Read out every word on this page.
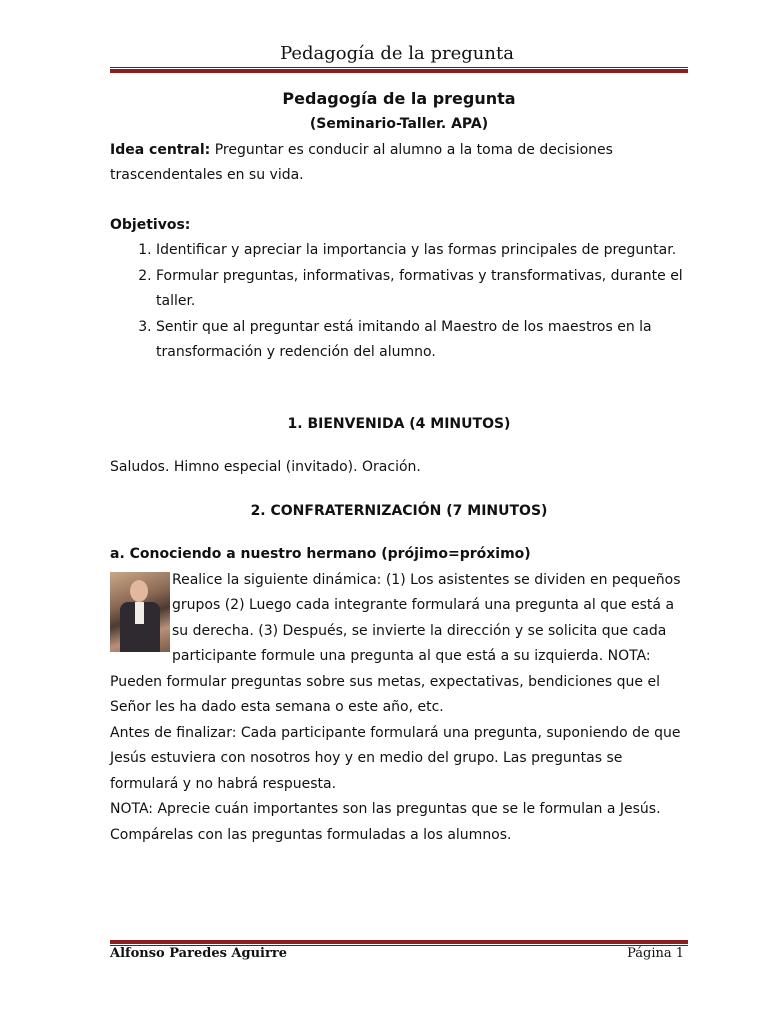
Pedagogía de la pregunta
Pedagogía de la pregunta
(Seminario-Taller. APA)

Idea central: Preguntar es conducir al alumno a la toma de decisiones trascendentales en su vida.

Objetivos:

1. Identificar y apreciar la importancia y las formas principales de preguntar.
2. Formular preguntas, informativas, formativas y transformativas, durante el taller.
3. Sentir que al preguntar está imitando al Maestro de los maestros en la transformación y redención del alumno.

1. BIENVENIDA (4 MINUTOS)

Saludos. Himno especial (invitado). Oración.

2. CONFRATERNIZACIÓN (7 MINUTOS)

a. Conociendo a nuestro hermano (prójimo=próximo)

Realice la siguiente dinámica: (1) Los asistentes se dividen en pequeños grupos (2) Luego cada integrante formulará una pregunta al que está a su derecha. (3) Después, se invierte la dirección y se solicita que cada participante formule una pregunta al que está a su izquierda. NOTA: Pueden formular preguntas sobre sus metas, expectativas, bendiciones que el Señor les ha dado esta semana o este año, etc.

Antes de finalizar: Cada participante formulará una pregunta, suponiendo de que Jesús estuviera con nosotros hoy y en medio del grupo. Las preguntas se formulará y no habrá respuesta.

NOTA: Aprecie cuán importantes son las preguntas que se le formulan a Jesús. Compárelas con las preguntas formuladas a los alumnos.

Alfonso Paredes Aguirre	Página 1
